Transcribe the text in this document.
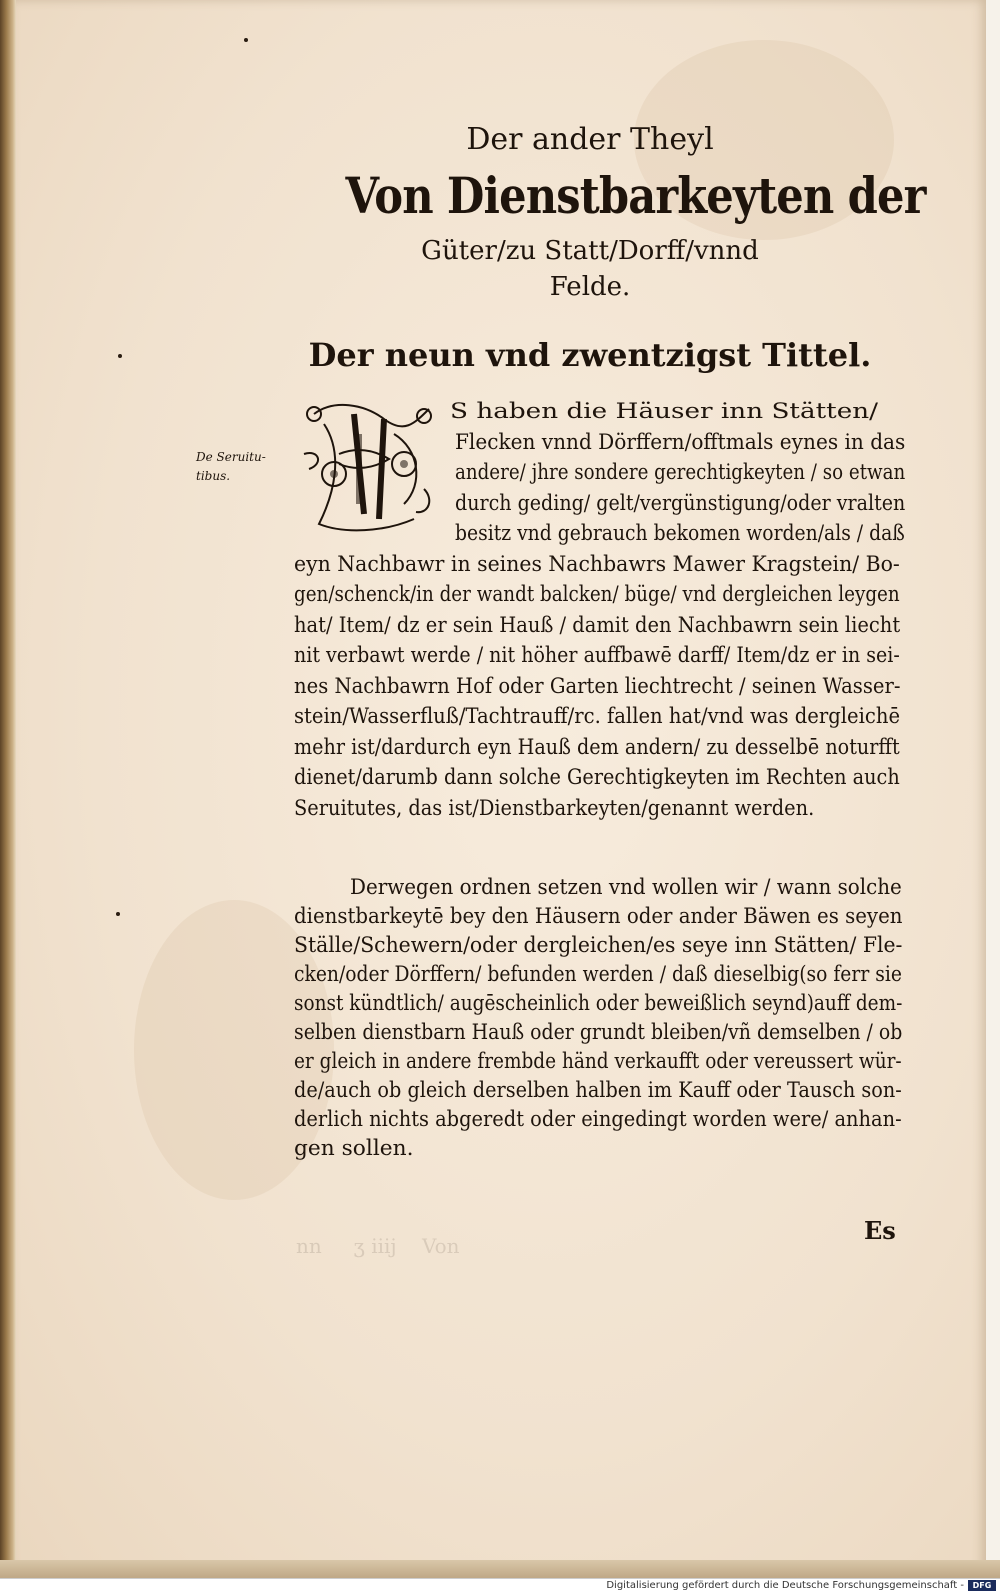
Der ander Theyl
Von Dienstbarkeyten der
Güter/zu Statt/Dorff/vnnd
Felde.
Der neun vnd zwentzigst Tittel.
De Seruitu-
tibus.
S haben die Häuser inn Stätten/
Flecken vnnd Dörffern/offtmals eynes in das
andere/ jhre sondere gerechtigkeyten / so etwan
durch geding/ gelt/vergünstigung/oder vralten
besitz vnd gebrauch bekomen worden/als / daß
eyn Nachbawr in seines Nachbawrs Mawer Kragstein/ Bo-
gen/schenck/in der wandt balcken/ büge/ vnd dergleichen leygen
hat/ Item/ dz er sein Hauß / damit den Nachbawrn sein liecht
nit verbawt werde / nit höher auffbawē darff/ Item/dz er in sei-
nes Nachbawrn Hof oder Garten liechtrecht / seinen Wasser-
stein/Wasserfluß/Tachtrauff/rc. fallen hat/vnd was dergleichē
mehr ist/dardurch eyn Hauß dem andern/ zu desselbē noturfft
dienet/darumb dann solche Gerechtigkeyten im Rechten auch
Seruitutes, das ist/Dienstbarkeyten/genannt werden.
Derwegen ordnen setzen vnd wollen wir / wann solche
dienstbarkeytē bey den Häusern oder ander Bäwen es seyen
Ställe/Schewern/oder dergleichen/es seye inn Stätten/ Fle-
cken/oder Dörffern/ befunden werden / daß dieselbig(so ferr sie
sonst kündtlich/ augēscheinlich oder beweißlich seynd)auff dem-
selben dienstbarn Hauß oder grundt bleiben/vñ demselben / ob
er gleich in andere frembde händ verkaufft oder vereussert wür-
de/auch ob gleich derselben halben im Kauff oder Tausch son-
derlich nichts abgeredt oder eingedingt worden were/ anhan-
gen sollen.
Es
nn     ʒ iiij    Von
Digitalisierung gefördert durch die Deutsche Forschungsgemeinschaft -	DFG
